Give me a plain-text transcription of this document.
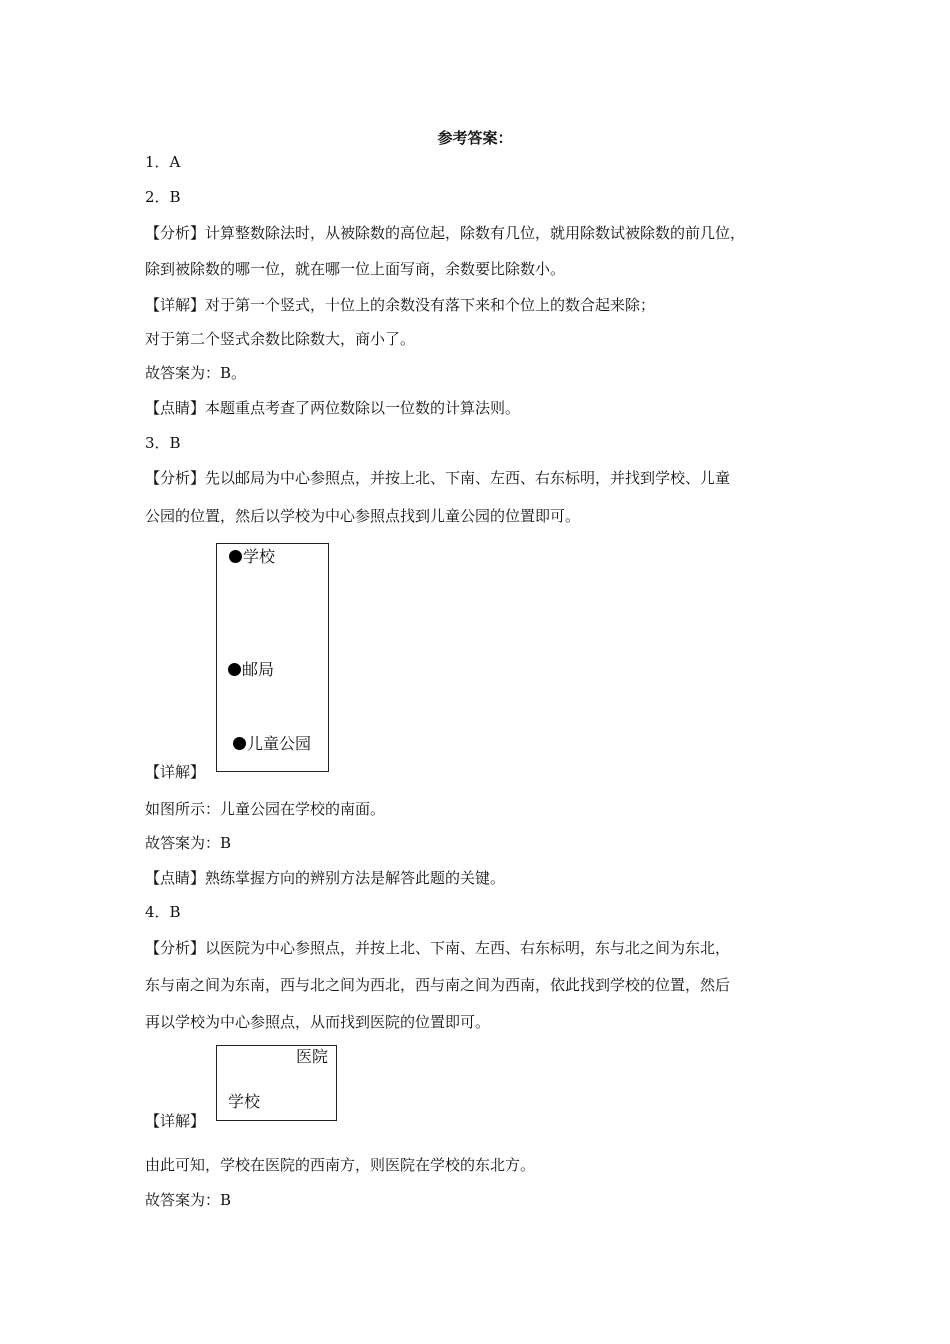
参考答案：
1．A
2．B
【分析】计算整数除法时，从被除数的高位起，除数有几位，就用除数试被除数的前几位，
除到被除数的哪一位，就在哪一位上面写商，余数要比除数小。
【详解】对于第一个竖式，十位上的余数没有落下来和个位上的数合起来除；
对于第二个竖式余数比除数大，商小了。
故答案为：B。
【点睛】本题重点考查了两位数除以一位数的计算法则。
3．B
【分析】先以邮局为中心参照点，并按上北、下南、左西、右东标明，并找到学校、儿童
公园的位置，然后以学校为中心参照点找到儿童公园的位置即可。
学校
邮局
儿童公园
【详解】
如图所示：儿童公园在学校的南面。
故答案为：B
【点睛】熟练掌握方向的辨别方法是解答此题的关键。
4．B
【分析】以医院为中心参照点，并按上北、下南、左西、右东标明，东与北之间为东北，
东与南之间为东南，西与北之间为西北，西与南之间为西南，依此找到学校的位置，然后
再以学校为中心参照点，从而找到医院的位置即可。
医院
学校
【详解】
由此可知，学校在医院的西南方，则医院在学校的东北方。
故答案为：B
